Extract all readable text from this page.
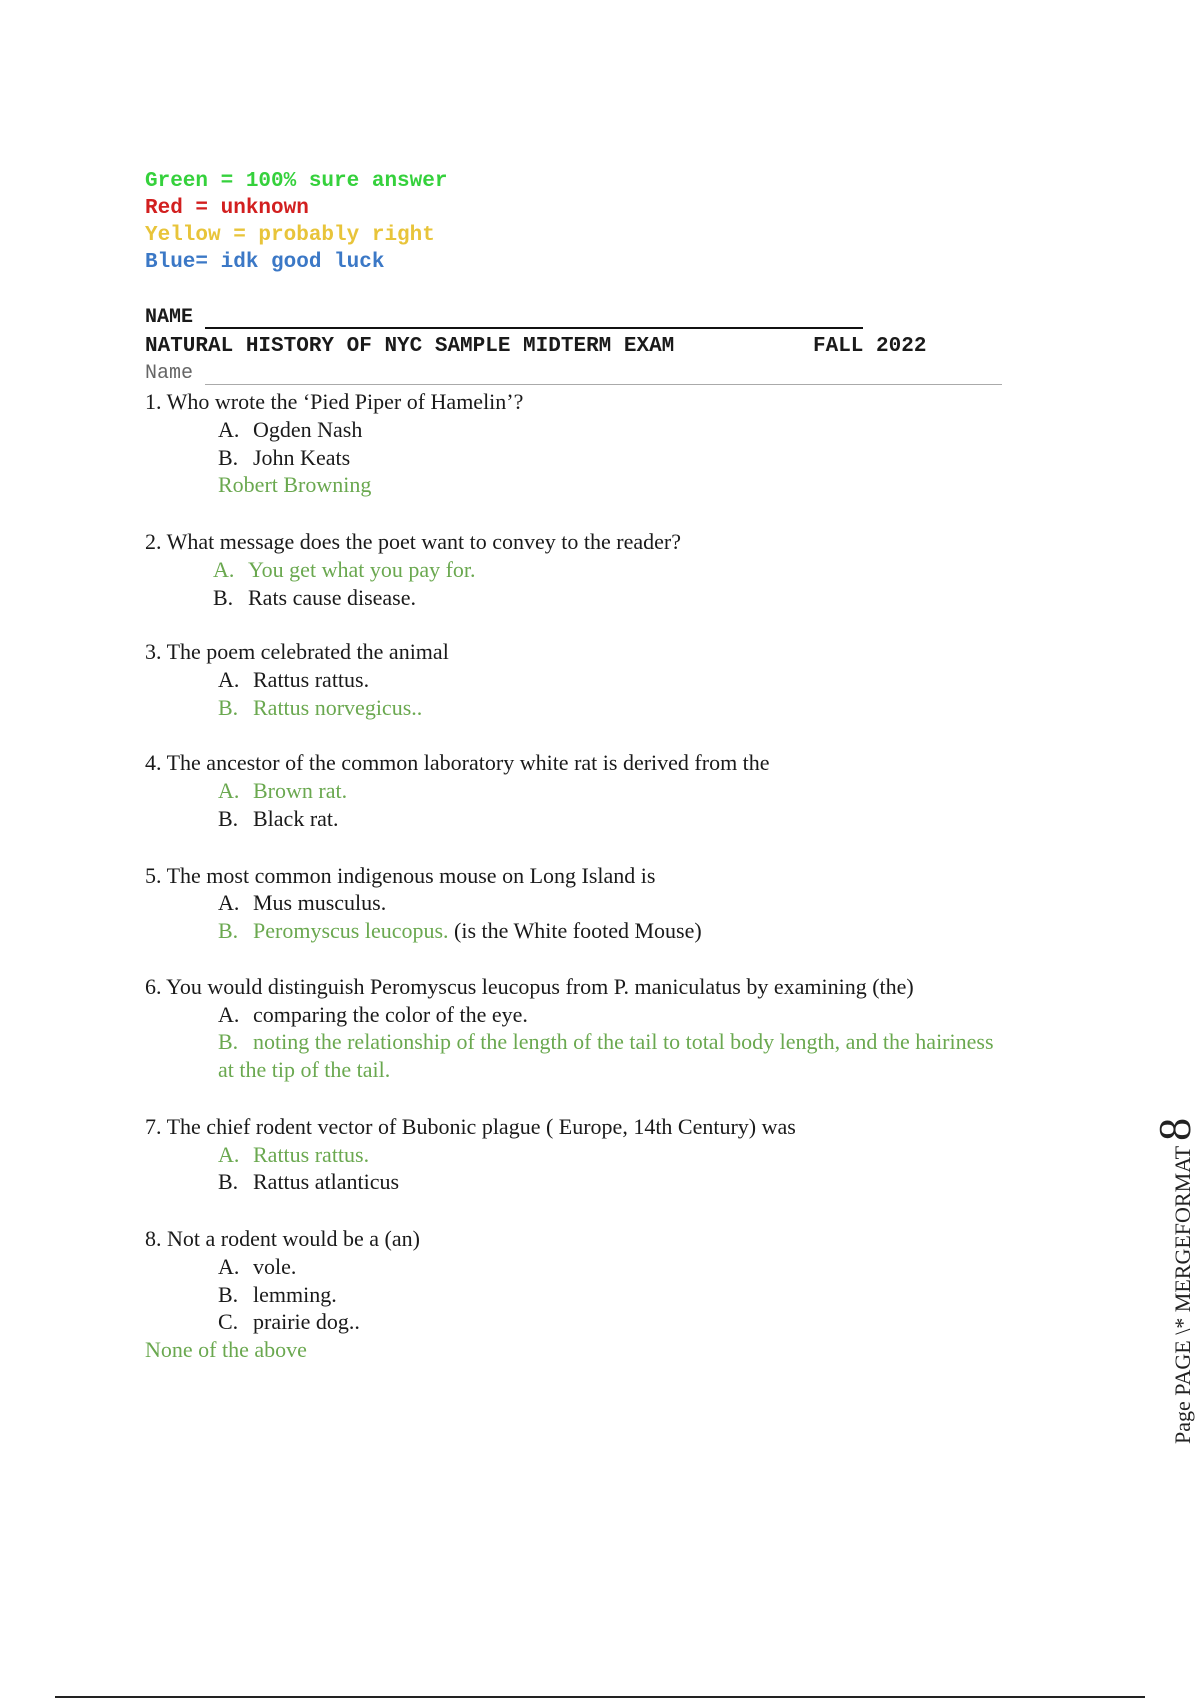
Green = 100% sure answer
Red = unknown
Yellow = probably right
Blue= idk good luck
NAME
NATURAL HISTORY OF NYC SAMPLE MIDTERM EXAM	FALL 2022
Name
1. Who wrote the ‘Pied Piper of Hamelin’?
A. Ogden Nash
B. John Keats
Robert Browning
2. What message does the poet want to convey to the reader?
A. You get what you pay for.
B. Rats cause disease.
3. The poem celebrated the animal
A. Rattus rattus.
B. Rattus norvegicus..
4. The ancestor of the common laboratory white rat is derived from the
A. Brown rat.
B. Black rat.
5. The most common indigenous mouse on Long Island is
A. Mus musculus.
B. Peromyscus leucopus. (is the White footed Mouse)
6. You would distinguish Peromyscus leucopus from P. maniculatus by examining (the)
A. comparing the color of the eye.
B. noting the relationship of the length of the tail to total body length, and the hairiness
at the tip of the tail.
7. The chief rodent vector of Bubonic plague ( Europe, 14th Century) was
A. Rattus rattus.
B. Rattus atlanticus
8. Not a rodent would be a (an)
A. vole.
B. lemming.
C. prairie dog..
None of the above	Page PAGE \* MERGEFORMAT 8
